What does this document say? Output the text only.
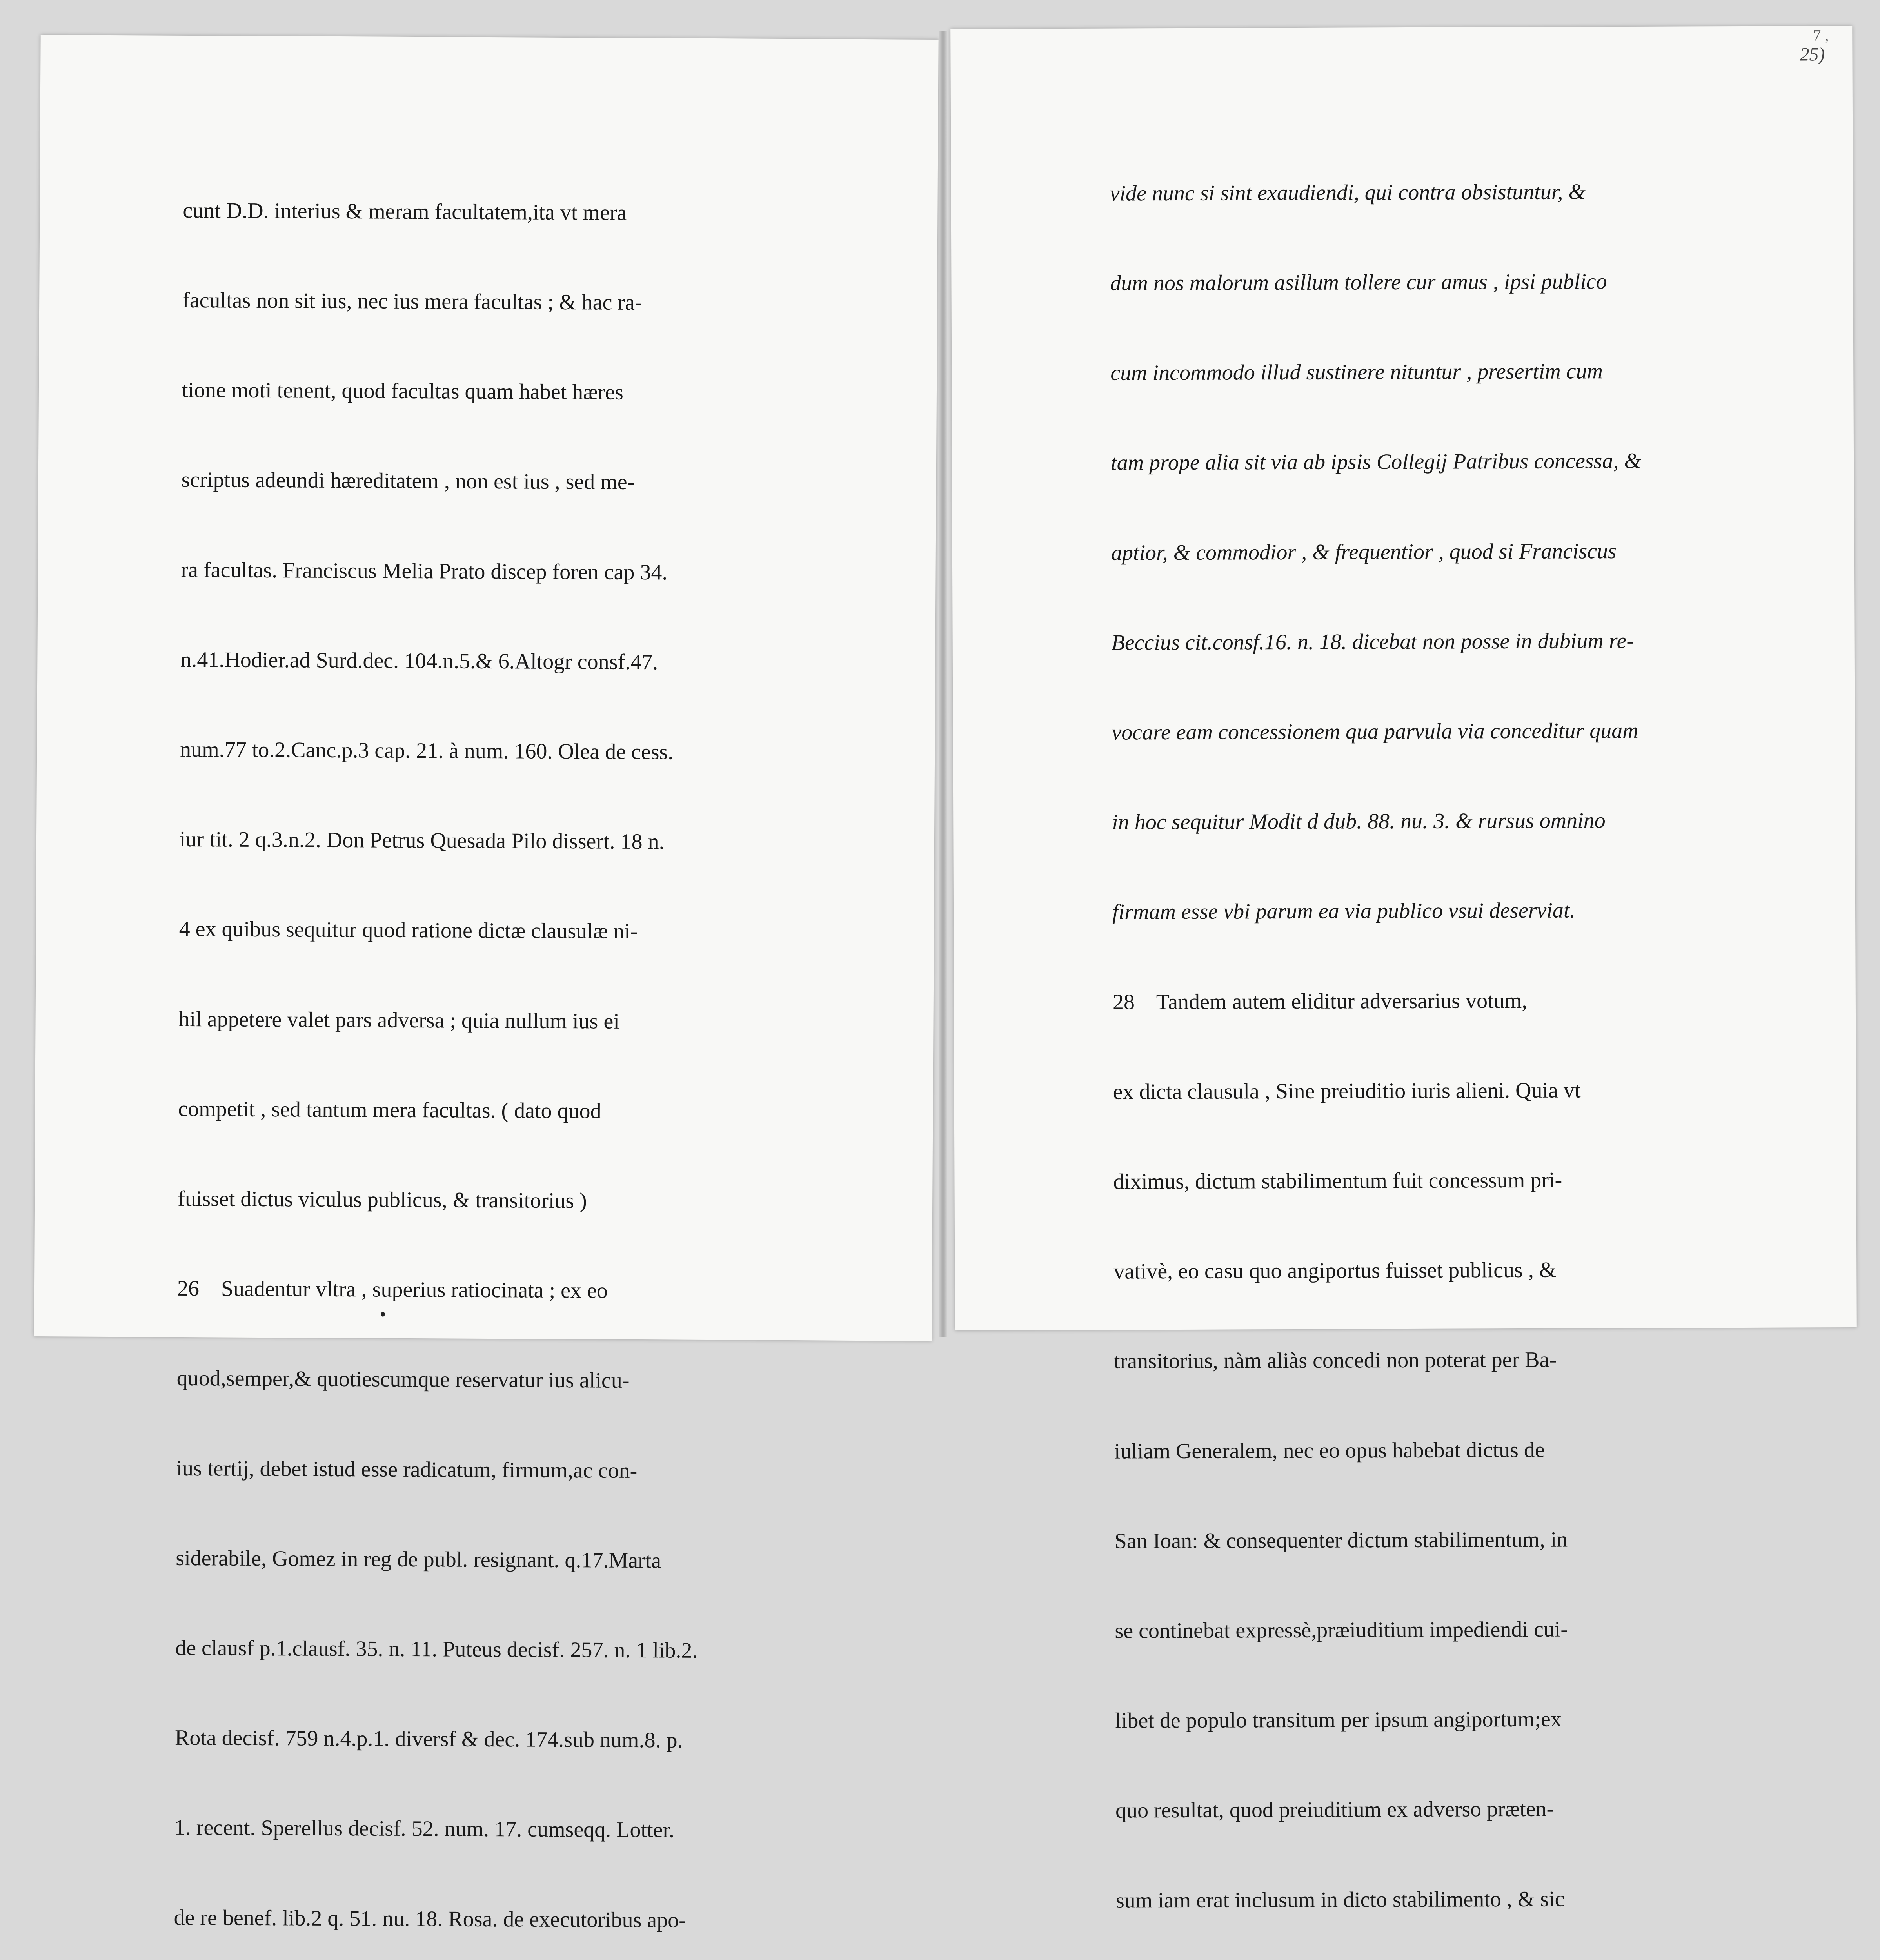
cunt D.D. interius & meram facultatem,ita vt mera

facultas non sit ius, nec ius mera facultas ; & hac ra-

tione moti tenent, quod facultas quam habet hæres

scriptus adeundi hæreditatem , non est ius , sed me-

ra facultas. Franciscus Melia Prato discep foren cap 34.

n.41.Hodier.ad Surd.dec. 104.n.5.& 6.Altogr consf.47.

num.77 to.2.Canc.p.3 cap. 21. à num. 160. Olea de cess.

iur tit. 2 q.3.n.2. Don Petrus Quesada Pilo dissert. 18 n.

4 ex quibus sequitur quod ratione dictæ clausulæ ni-

hil appetere valet pars adversa ; quia nullum ius ei

competit , sed tantum mera facultas. ( dato quod

fuisset dictus viculus publicus, & transitorius )

26    Suadentur vltra , superius ratiocinata ; ex eo

quod,semper,& quotiescumque reservatur ius alicu-

ius tertij, debet istud esse radicatum, firmum,ac con-

siderabile, Gomez in reg de publ. resignant. q.17.Marta

de clausf p.1.clausf. 35. n. 11. Puteus decisf. 257. n. 1 lib.2.

Rota decisf. 759 n.4.p.1. diversf & dec. 174.sub num.8. p.

1. recent. Sperellus decisf. 52. num. 17. cumseqq. Lotter.

de re benef. lib.2 q. 51. nu. 18. Rosa. de executoribus apo-

7 ,
25)

vide nunc si sint exaudiendi, qui contra obsistuntur, &

dum nos malorum asillum tollere cur amus , ipsi publico

cum incommodo illud sustinere nituntur , presertim cum

tam prope alia sit via ab ipsis Collegij Patribus concessa, &

aptior, & commodior , & frequentior , quod si Franciscus

Beccius cit.consf.16. n. 18. dicebat non posse in dubium re-

vocare eam concessionem qua parvula via conceditur quam

in hoc sequitur Modit d dub. 88. nu. 3. & rursus omnino

firmam esse vbi parum ea via publico vsui deserviat.

28    Tandem autem eliditur adversarius votum,

ex dicta clausula , Sine preiuditio iuris alieni. Quia vt

diximus, dictum stabilimentum fuit concessum pri-

vativè, eo casu quo angiportus fuisset publicus , &

transitorius, nàm aliàs concedi non poterat per Ba-

iuliam Generalem, nec eo opus habebat dictus de

San Ioan: & consequenter dictum stabilimentum, in

se continebat expressè,præiuditium impediendi cui-

libet de populo transitum per ipsum angiportum;ex

quo resultat, quod preiuditium ex adverso præten-

sum iam erat inclusum in dicto stabilimento , & sic
